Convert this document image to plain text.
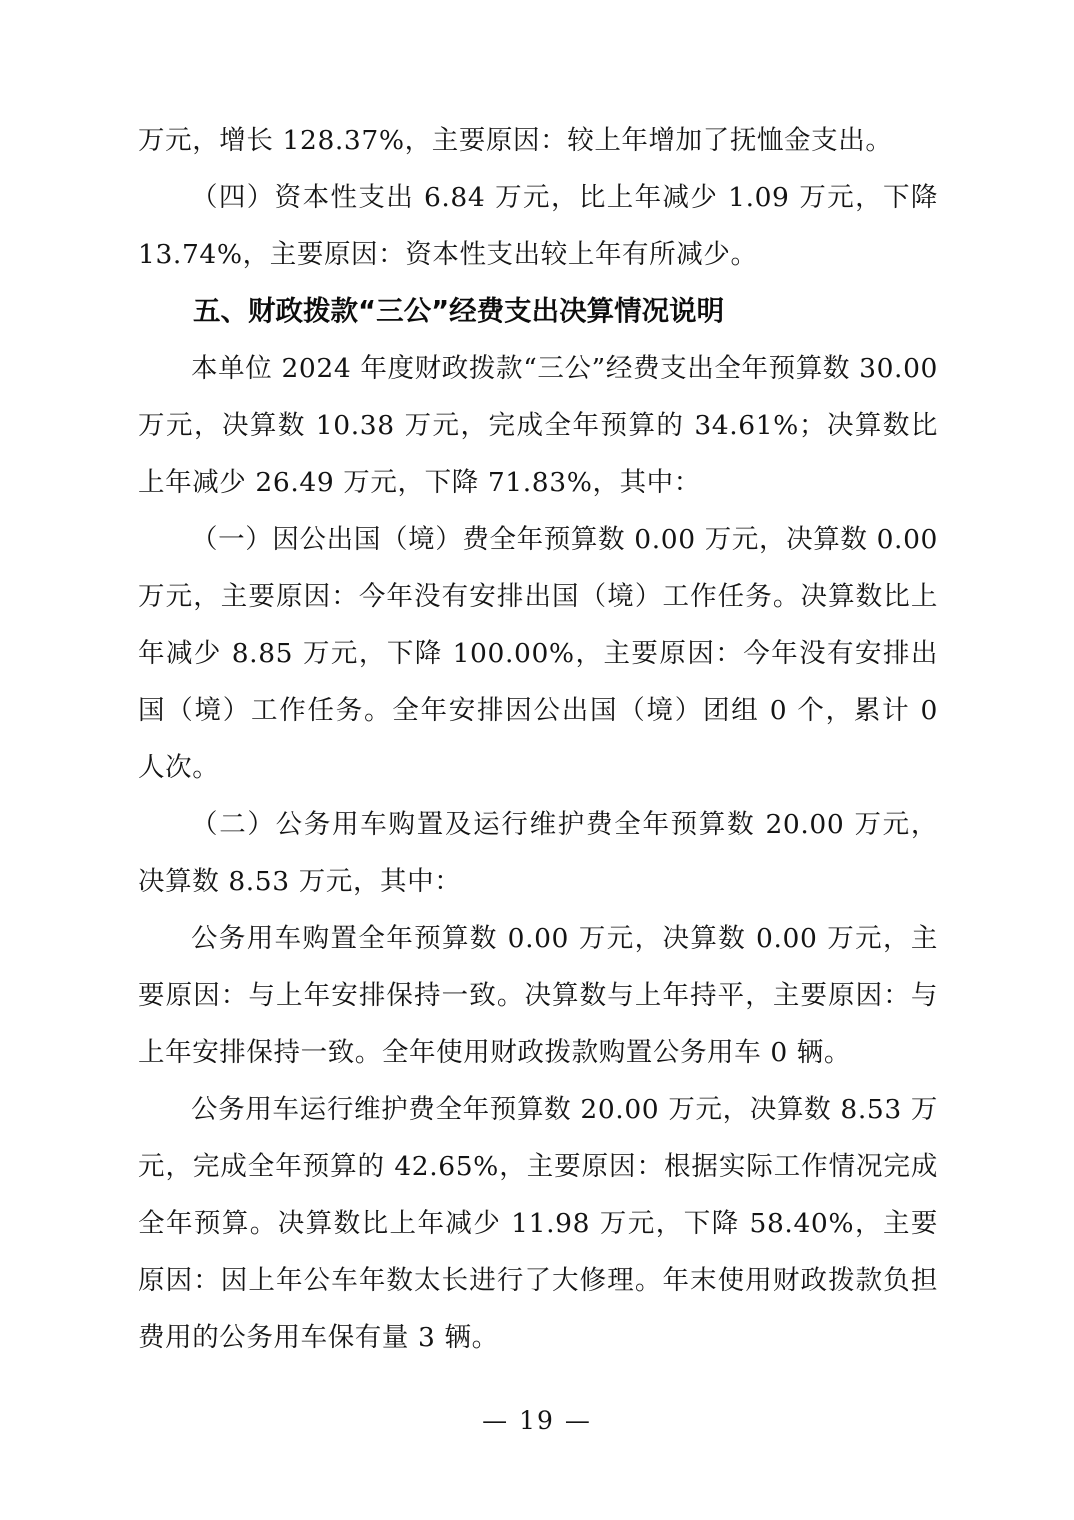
万元，增长 128.37%，主要原因：较上年增加了抚恤金支出。

（四）资本性支出 6.84 万元，比上年减少 1.09 万元，下降 13.74%，主要原因：资本性支出较上年有所减少。

五、财政拨款“三公”经费支出决算情况说明

本单位 2024 年度财政拨款“三公”经费支出全年预算数 30.00 万元，决算数 10.38 万元，完成全年预算的 34.61%；决算数比上年减少 26.49 万元，下降 71.83%，其中：

（一）因公出国（境）费全年预算数 0.00 万元，决算数 0.00 万元，主要原因：今年没有安排出国（境）工作任务。决算数比上年减少 8.85 万元，下降 100.00%，主要原因：今年没有安排出国（境）工作任务。全年安排因公出国（境）团组 0 个，累计 0 人次。

（二）公务用车购置及运行维护费全年预算数 20.00 万元，决算数 8.53 万元，其中：

公务用车购置全年预算数 0.00 万元，决算数 0.00 万元，主要原因：与上年安排保持一致。决算数与上年持平，主要原因：与上年安排保持一致。全年使用财政拨款购置公务用车 0 辆。

公务用车运行维护费全年预算数 20.00 万元，决算数 8.53 万元，完成全年预算的 42.65%，主要原因：根据实际工作情况完成全年预算。决算数比上年减少 11.98 万元，下降 58.40%，主要原因：因上年公车年数太长进行了大修理。年末使用财政拨款负担费用的公务用车保有量 3 辆。

— 19 —
